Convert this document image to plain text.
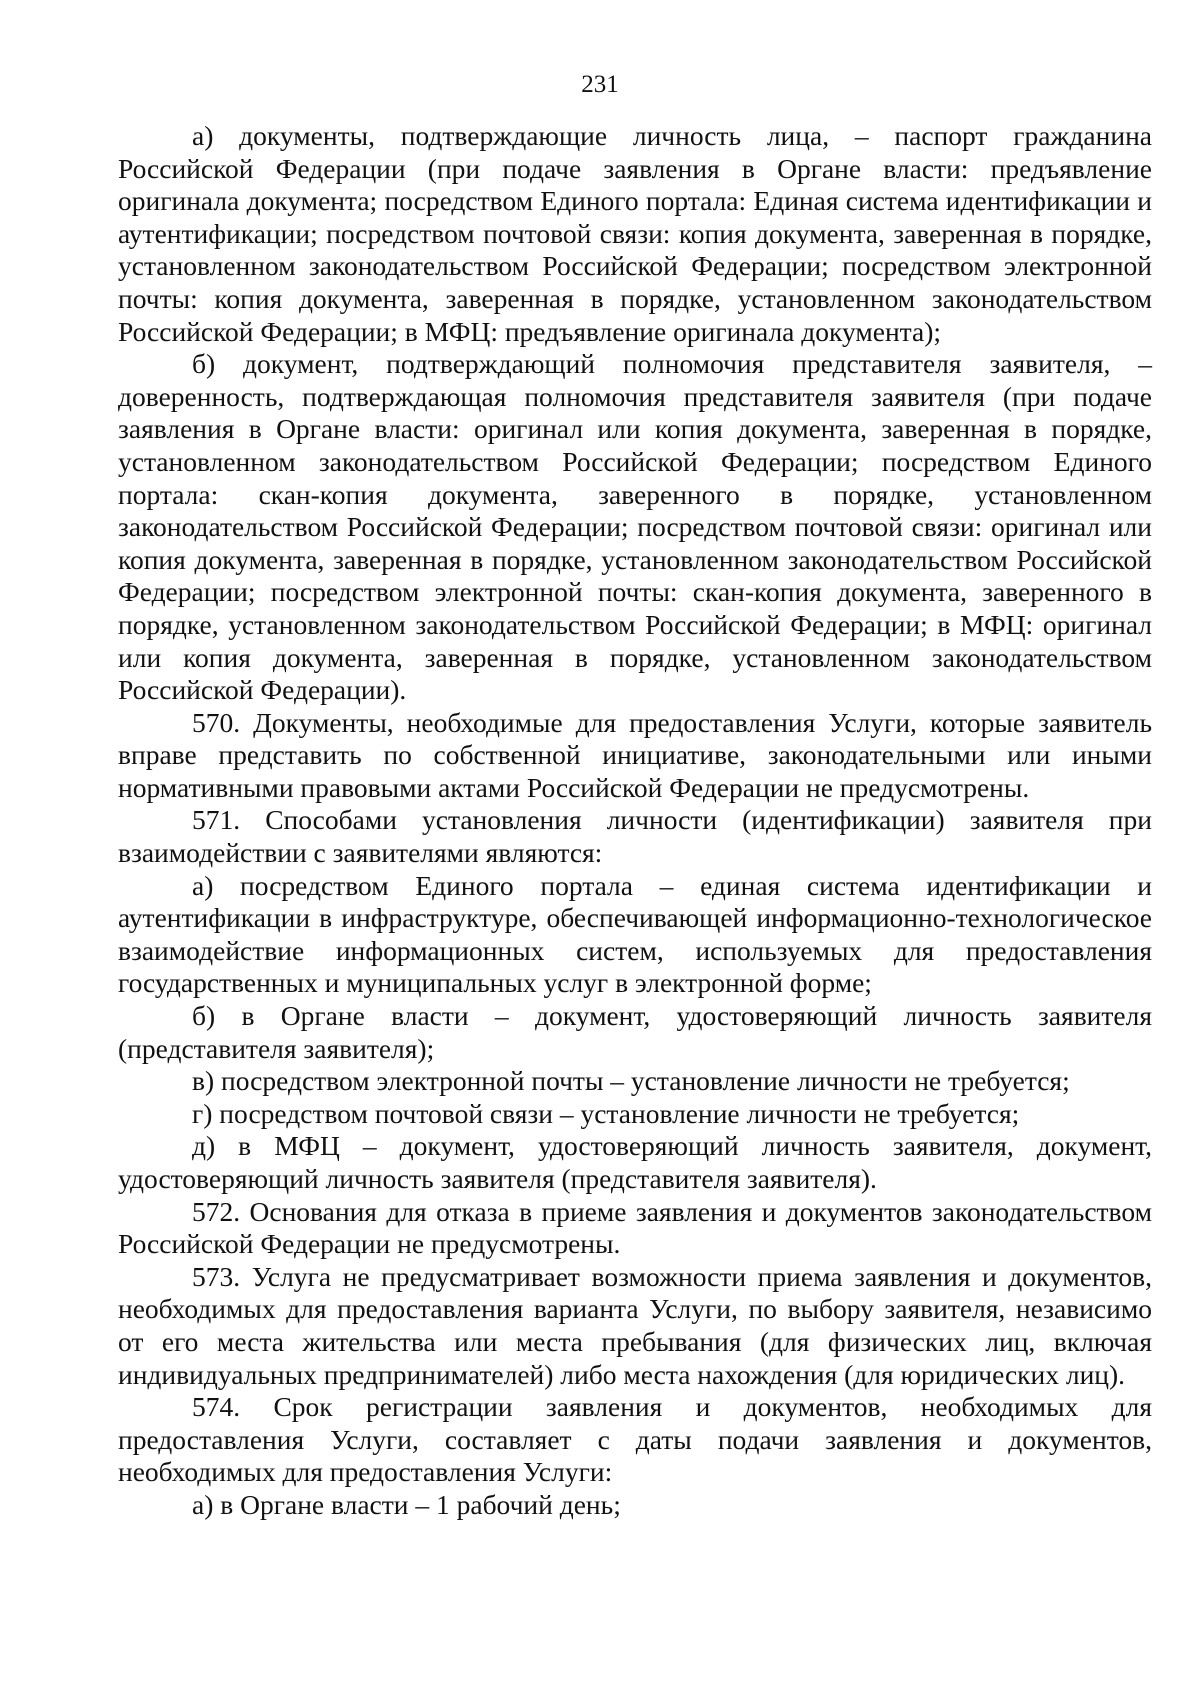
231

а) документы, подтверждающие личность лица, – паспорт гражданина Российской Федерации (при подаче заявления в Органе власти: предъявление оригинала документа; посредством Единого портала: Единая система идентификации и аутентификации; посредством почтовой связи: копия документа, заверенная в порядке, установленном законодательством Российской Федерации; посредством электронной почты: копия документа, заверенная в порядке, установленном законодательством Российской Федерации; в МФЦ: предъявление оригинала документа);

б) документ, подтверждающий полномочия представителя заявителя, – доверенность, подтверждающая полномочия представителя заявителя (при подаче заявления в Органе власти: оригинал или копия документа, заверенная в порядке, установленном законодательством Российской Федерации; посредством Единого портала: скан-копия документа, заверенного в порядке, установленном законодательством Российской Федерации; посредством почтовой связи: оригинал или копия документа, заверенная в порядке, установленном законодательством Российской Федерации; посредством электронной почты: скан-копия документа, заверенного в порядке, установленном законодательством Российской Федерации; в МФЦ: оригинал или копия документа, заверенная в порядке, установленном законодательством Российской Федерации).

570. Документы, необходимые для предоставления Услуги, которые заявитель вправе представить по собственной инициативе, законодательными или иными нормативными правовыми актами Российской Федерации не предусмотрены.

571. Способами установления личности (идентификации) заявителя при взаимодействии с заявителями являются:

а) посредством Единого портала – единая система идентификации и аутентификации в инфраструктуре, обеспечивающей информационно-технологическое взаимодействие информационных систем, используемых для предоставления государственных и муниципальных услуг в электронной форме;

б) в Органе власти – документ, удостоверяющий личность заявителя (представителя заявителя);

в) посредством электронной почты – установление личности не требуется;

г) посредством почтовой связи – установление личности не требуется;

д) в МФЦ – документ, удостоверяющий личность заявителя, документ, удостоверяющий личность заявителя (представителя заявителя).

572. Основания для отказа в приеме заявления и документов законодательством Российской Федерации не предусмотрены.

573. Услуга не предусматривает возможности приема заявления и документов, необходимых для предоставления варианта Услуги, по выбору заявителя, независимо от его места жительства или места пребывания (для физических лиц, включая индивидуальных предпринимателей) либо места нахождения (для юридических лиц).

574. Срок регистрации заявления и документов, необходимых для предоставления Услуги, составляет с даты подачи заявления и документов, необходимых для предоставления Услуги:

а) в Органе власти – 1 рабочий день;
